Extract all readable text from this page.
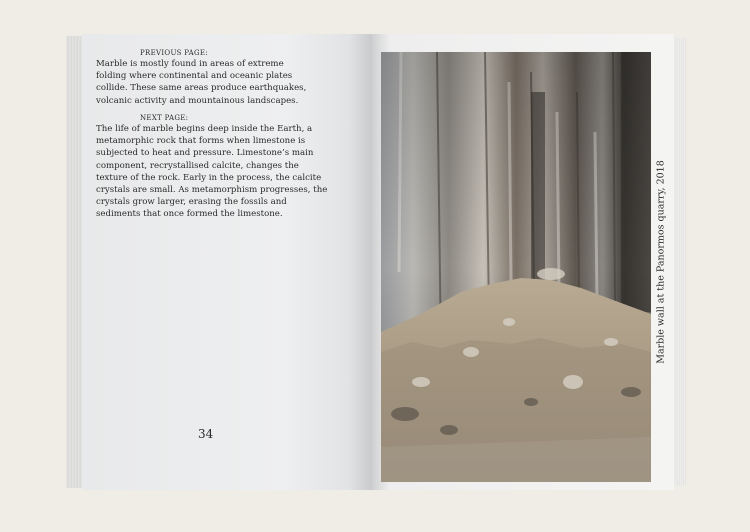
PREVIOUS PAGE:

Marble is mostly found in areas of extreme folding where continental and oceanic plates collide. These same areas produce earthquakes, volcanic activity and mountainous landscapes.

NEXT PAGE:

The life of marble begins deep inside the Earth, a metamorphic rock that forms when limestone is subjected to heat and pressure. Limestone’s main component, recrystallised calcite, changes the texture of the rock. Early in the process, the calcite crystals are small. As metamorphism progresses, the crystals grow larger, erasing the fossils and sediments that once formed the limestone.

34
Marble wall at the Panormos quarry, 2018
